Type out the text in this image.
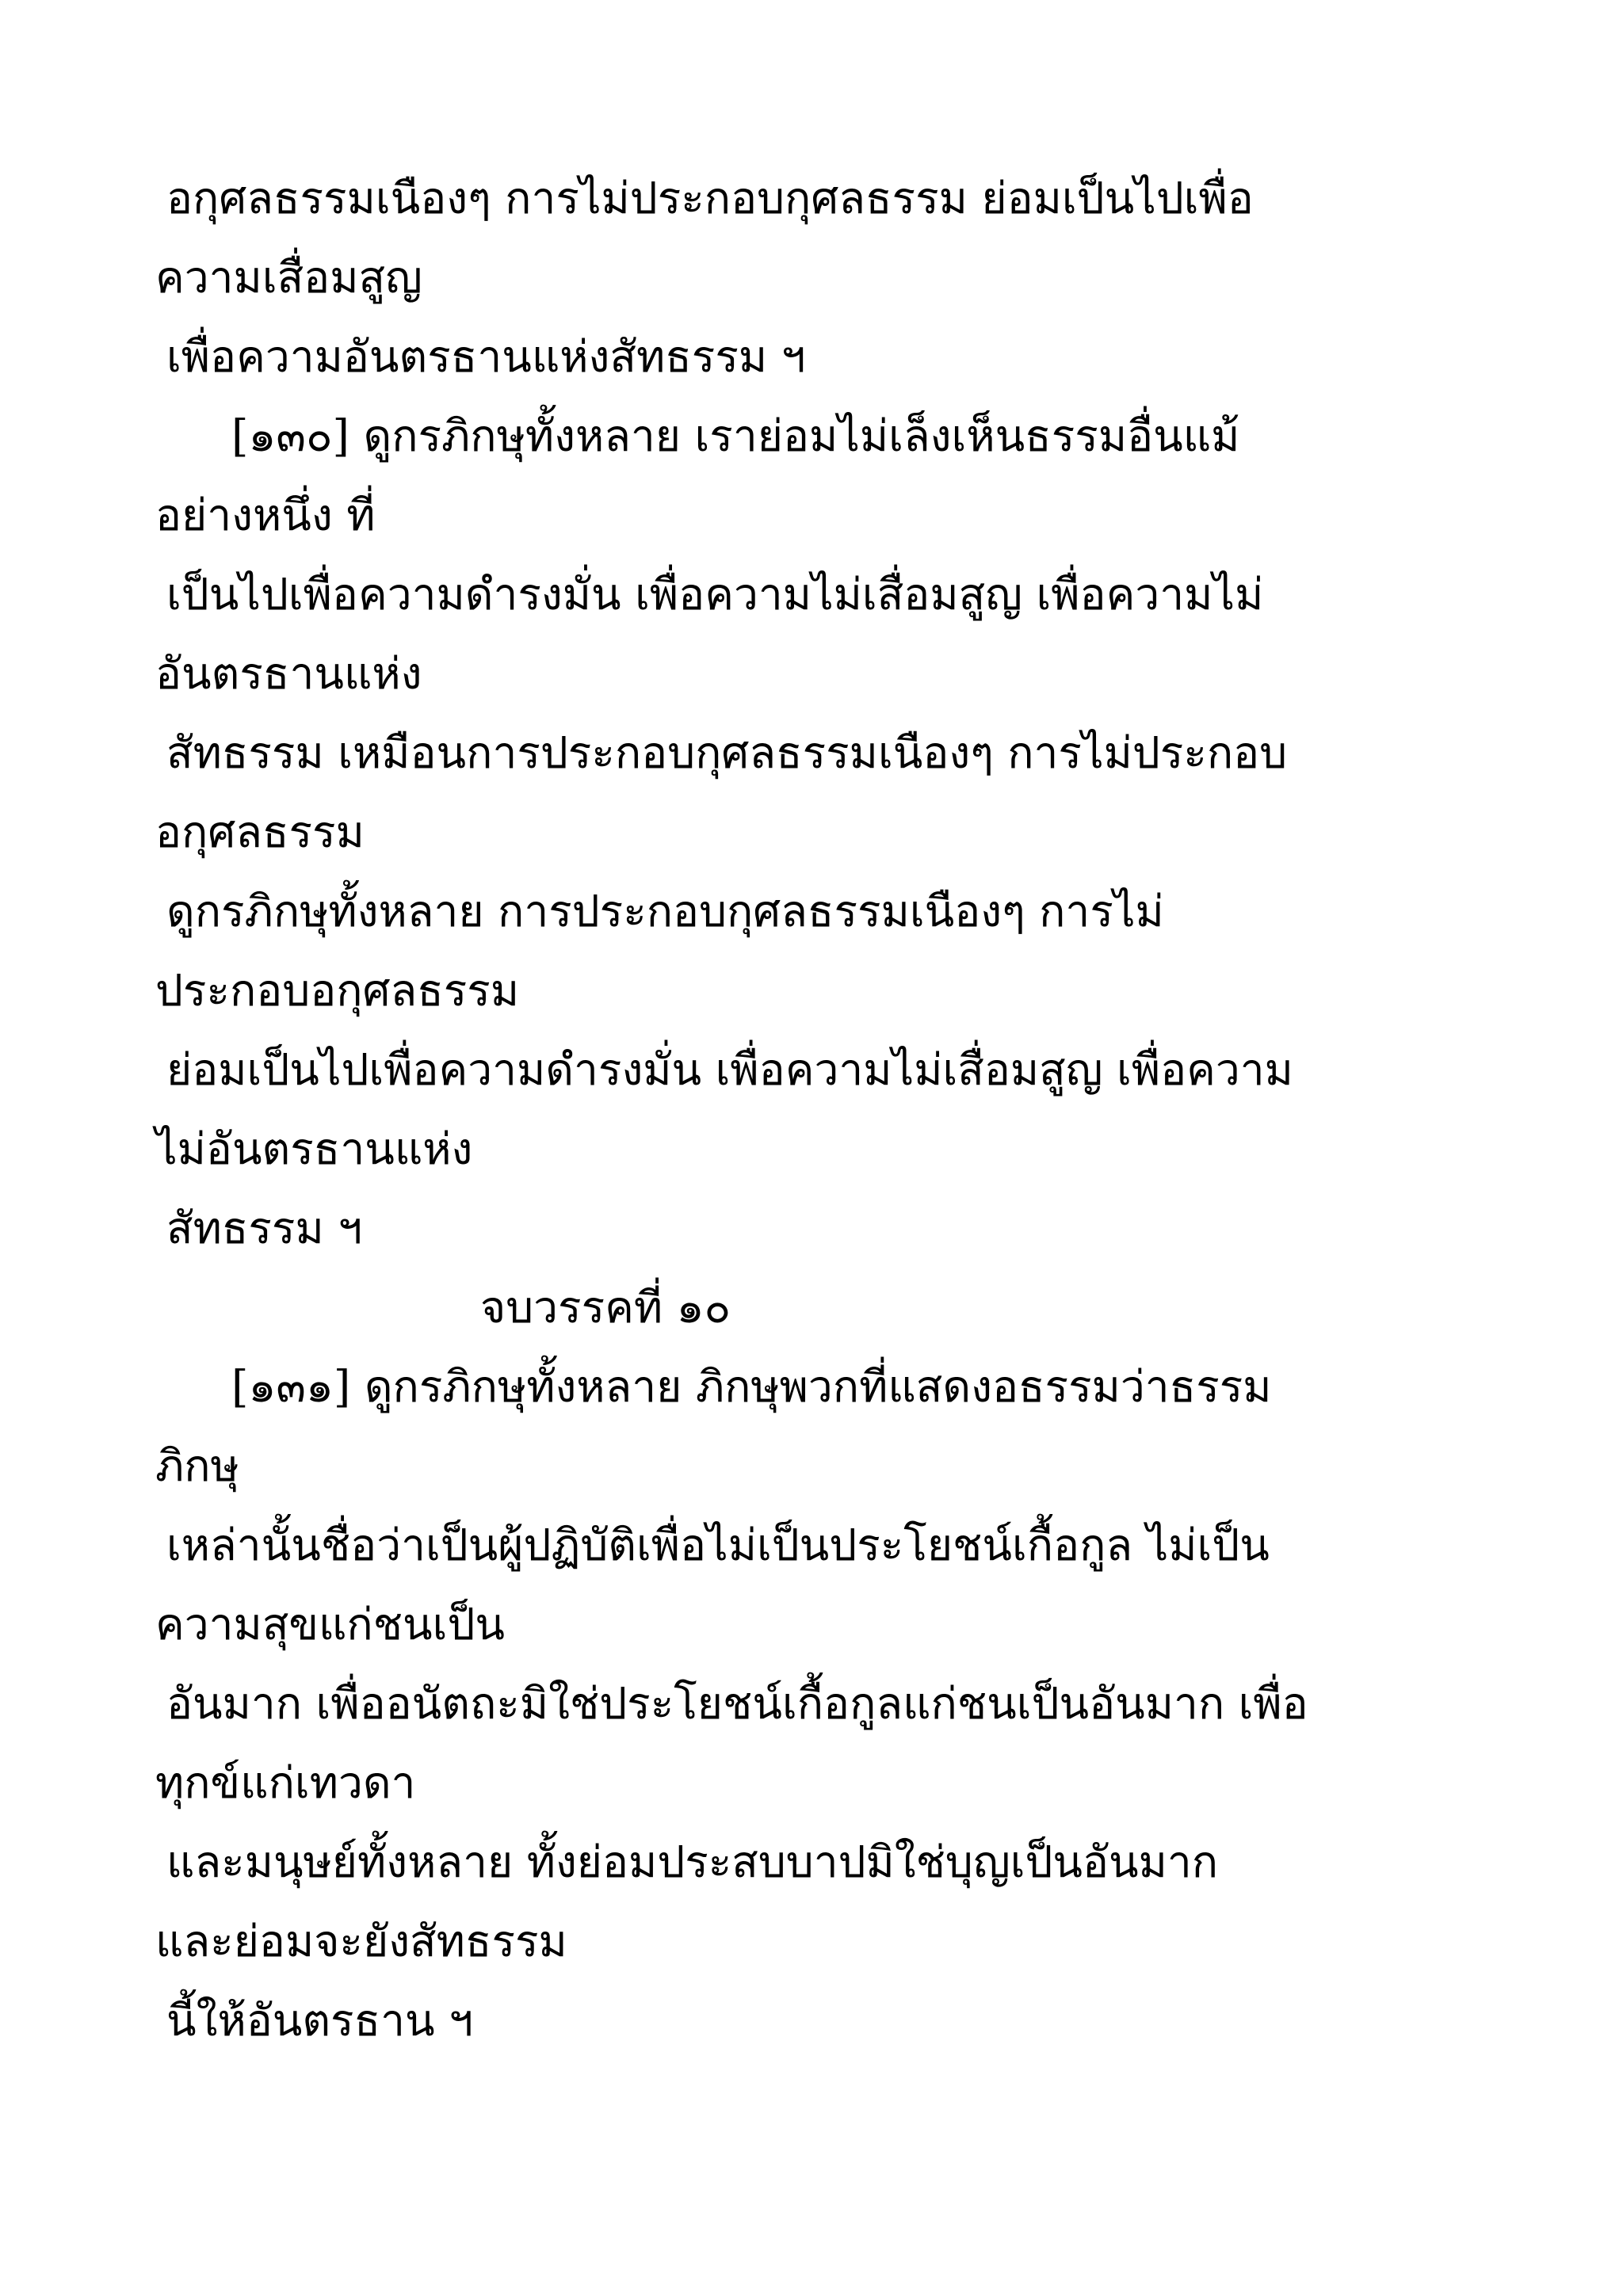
อกุศลธรรมเนืองๆ การไม่ประกอบกุศลธรรม ย่อมเป็นไปเพื่อ
ความเสื่อมสูญ
เพื่อความอันตรธานแห่งสัทธรรม ฯ
[๑๓๐] ดูกรภิกษุทั้งหลาย เราย่อมไม่เล็งเห็นธรรมอื่นแม้
อย่างหนึ่ง ที่
เป็นไปเพื่อความดำรงมั่น เพื่อความไม่เสื่อมสูญ เพื่อความไม่
อันตรธานแห่ง
สัทธรรม เหมือนการประกอบกุศลธรรมเนืองๆ การไม่ประกอบ
อกุศลธรรม
ดูกรภิกษุทั้งหลาย การประกอบกุศลธรรมเนืองๆ การไม่
ประกอบอกุศลธรรม
ย่อมเป็นไปเพื่อความดำรงมั่น เพื่อความไม่เสื่อมสูญ เพื่อความ
ไม่อันตรธานแห่ง
สัทธรรม ฯ
จบวรรคที่ ๑๐
[๑๓๑] ดูกรภิกษุทั้งหลาย ภิกษุพวกที่แสดงอธรรมว่าธรรม
ภิกษุ
เหล่านั้นชื่อว่าเป็นผู้ปฏิบัติเพื่อไม่เป็นประโยชน์เกื้อกูล ไม่เป็น
ความสุขแก่ชนเป็น
อันมาก เพื่ออนัตถะมิใช่ประโยชน์เกื้อกูลแก่ชนเป็นอันมาก เพื่อ
ทุกข์แก่เทวดา
และมนุษย์ทั้งหลาย ทั้งย่อมประสบบาปมิใช่บุญเป็นอันมาก
และย่อมจะยังสัทธรรม
นี้ให้อันตรธาน ฯ
